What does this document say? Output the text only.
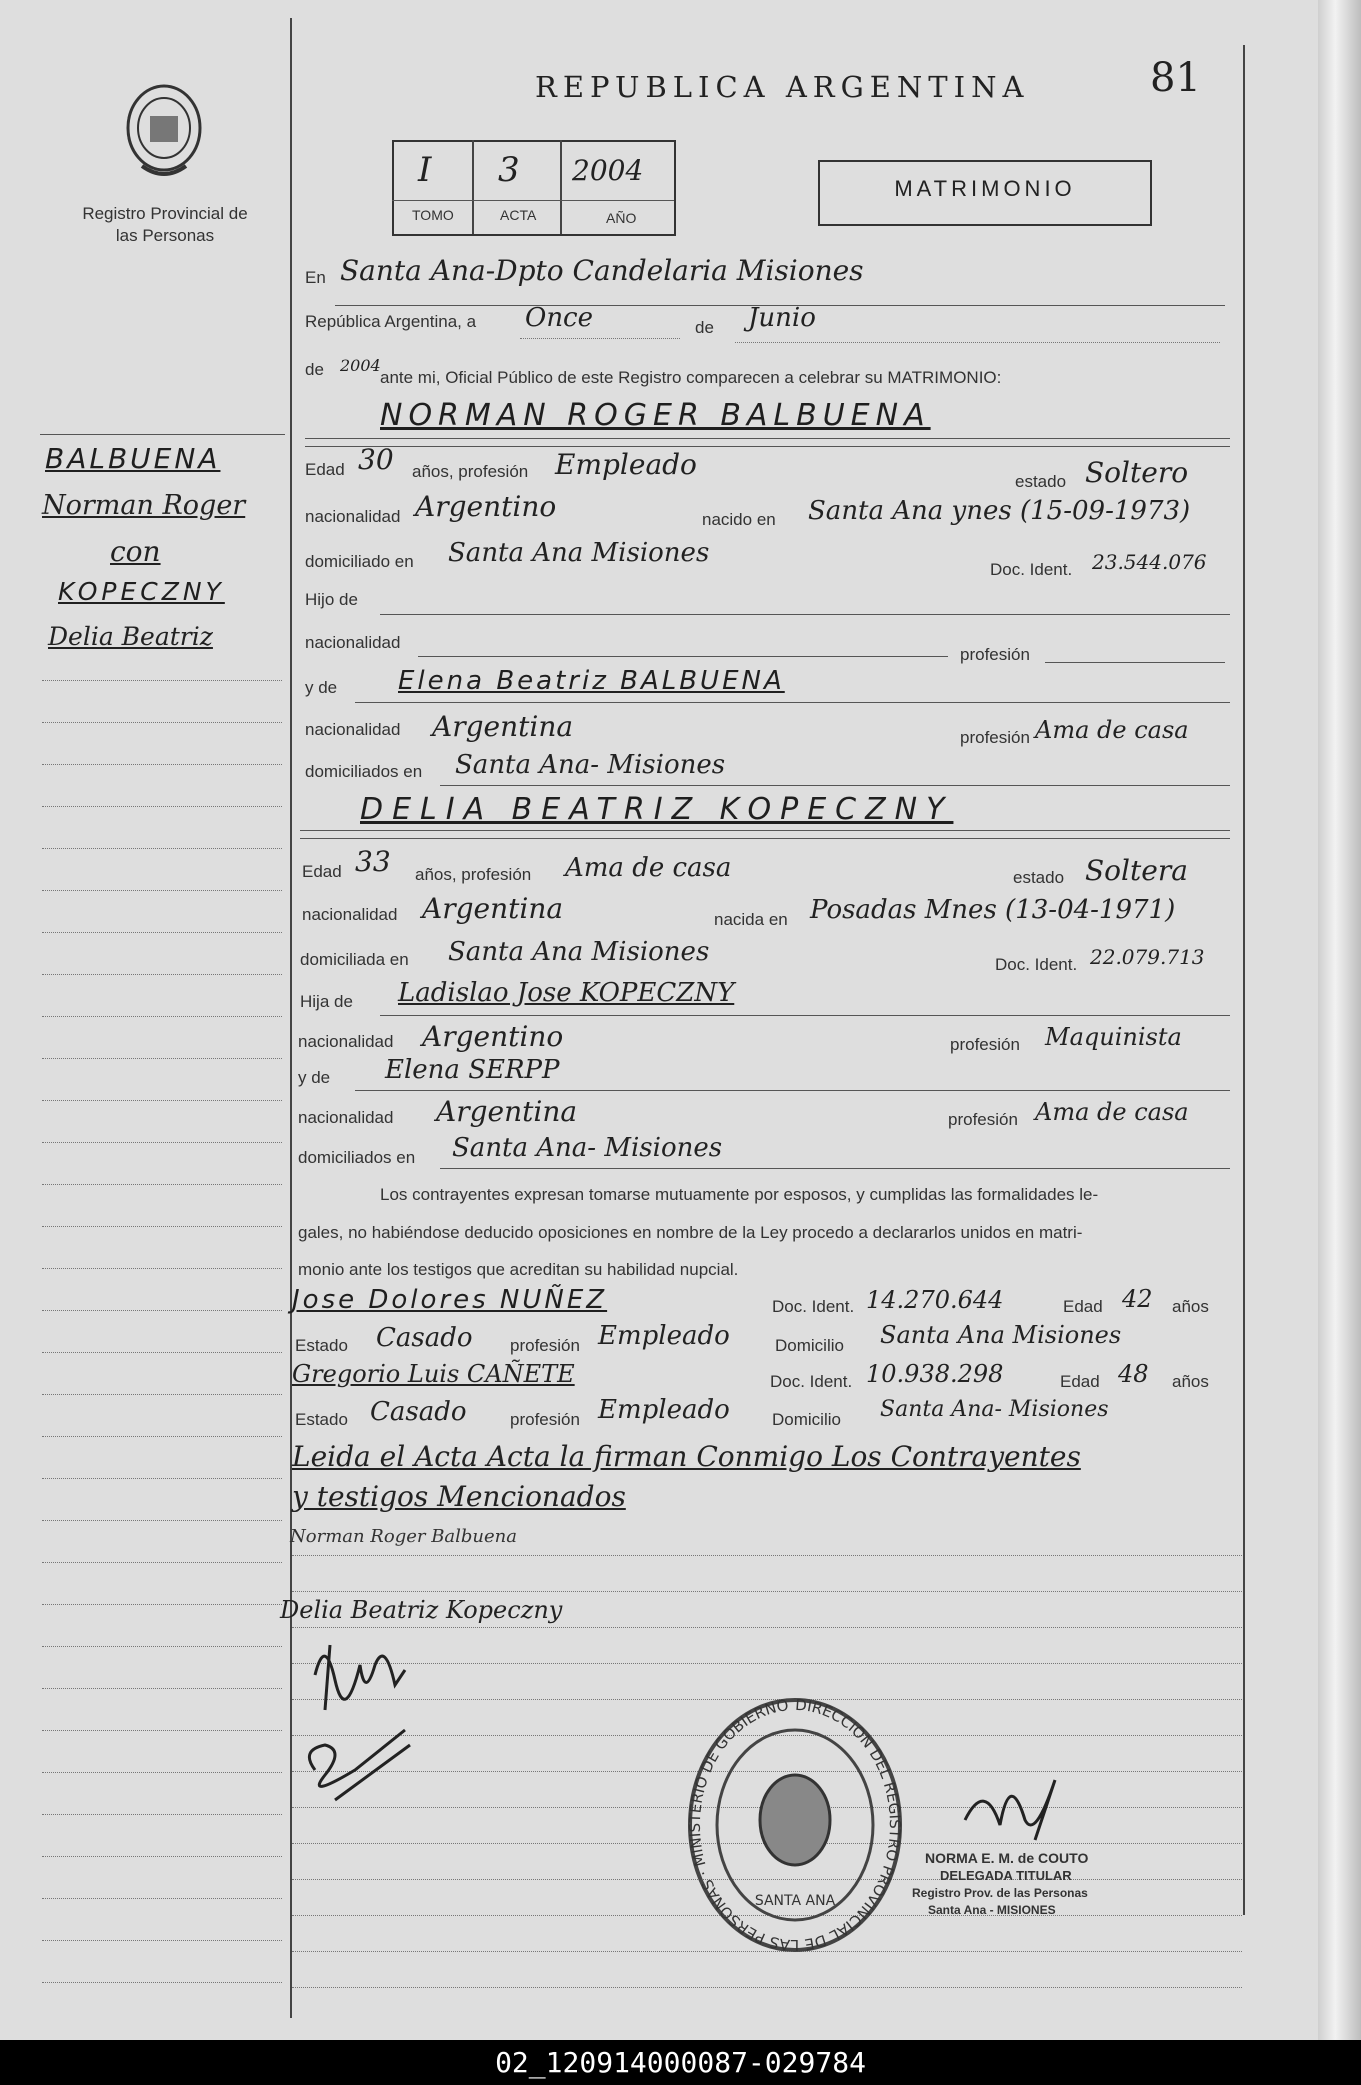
Registro Provincial de las Personas
REPUBLICA ARGENTINA	81
I 3 2004
TOMO	ACTA	AÑO
MATRIMONIO
BALBUENA
Norman Roger
con
KOPECZNY
Delia Beatriz
En Santa Ana-Dpto Candelaria Misiones
República Argentina, a Once	de Junio
de 2004
ante mi, Oficial Público de este Registro comparecen a celebrar su MATRIMONIO:
NORMAN ROGER BALBUENA
Edad 30 años, profesión Empleado
estado Soltero
nacionalidad Argentino	nacido en Santa Ana ynes (15-09-1973)
domiciliado en Santa Ana Misiones
Doc. Ident. 23.544.076
Hijo de
nacionalidad
profesión
y de Elena Beatriz BALBUENA
nacionalidad Argentina	profesión Ama de casa
domiciliados en Santa Ana- Misiones
DELIA BEATRIZ KOPECZNY
Edad 33 años, profesión Ama de casa	estado Soltera
nacionalidad Argentina	nacida en Posadas Mnes (13-04-1971)
domiciliada en Santa Ana Misiones	Doc. Ident. 22.079.713
Hija de Ladislao Jose KOPECZNY
nacionalidad Argentino	profesión Maquinista
y de Elena SERPP
nacionalidad Argentina	profesión Ama de casa
domiciliados en Santa Ana- Misiones
Los contrayentes expresan tomarse mutuamente por esposos, y cumplidas las formalidades le-
gales, no habiéndose deducido oposiciones en nombre de la Ley procedo a declararlos unidos en matri-
monio ante los testigos que acreditan su habilidad nupcial.
Jose Dolores NUÑEZ	Doc. Ident. 14.270.644	Edad 42 años
Estado Casado profesión Empleado	Domicilio Santa Ana Misiones
Gregorio Luis CAÑETE	Doc. Ident. 10.938.298	Edad 48 años
Estado Casado	profesión Empleado Domicilio Santa Ana- Misiones
Leida el Acta Acta la firman Conmigo Los Contrayentes
y testigos Mencionados
Norman Roger Balbuena
Delia Beatriz Kopeczny
DIRECCION DEL REGISTRO PROVINCIAL DE LAS PERSONAS · MINISTERIO DE GOBIERNO
SANTA ANA
NORMA E. M. de COUTO
DELEGADA TITULAR
Registro Prov. de las Personas
Santa Ana - MISIONES
02_120914000087-029784
